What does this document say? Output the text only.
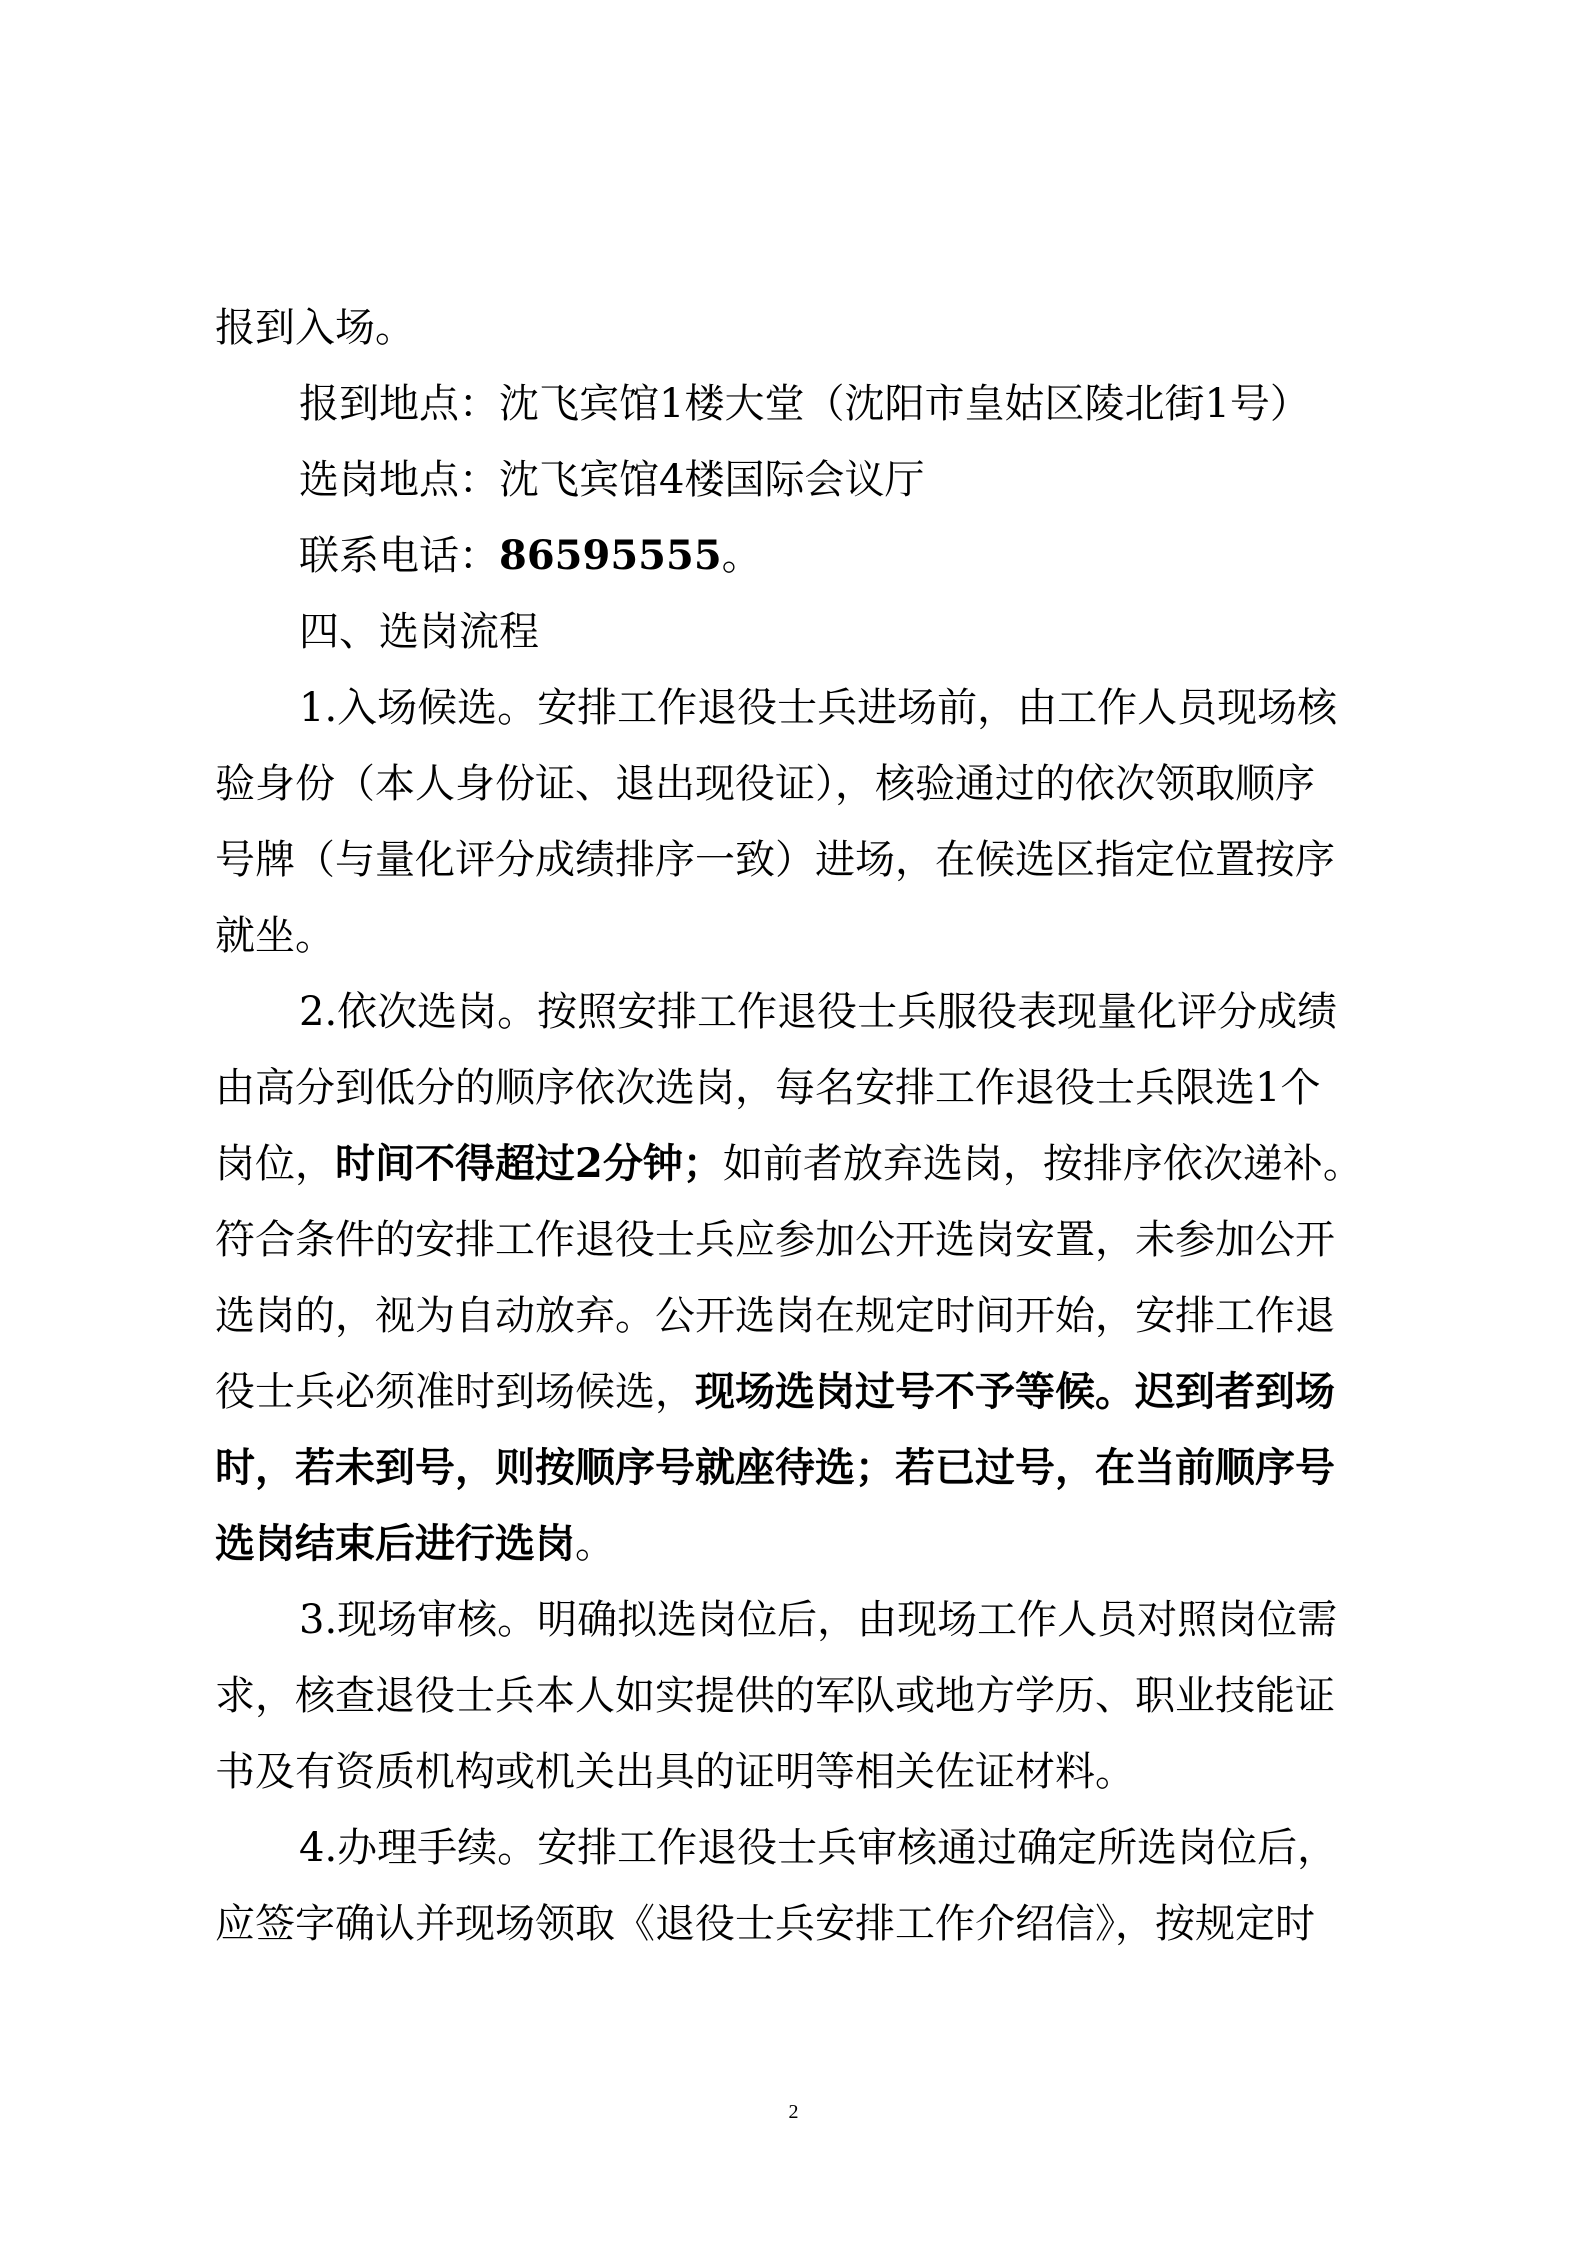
报到入场。
报到地点：沈飞宾馆1楼大堂（沈阳市皇姑区陵北街1号）
选岗地点：沈飞宾馆4楼国际会议厅
联系电话：86595555。
四、选岗流程
1.入场候选。安排工作退役士兵进场前，由工作人员现场核
验身份（本人身份证、退出现役证），核验通过的依次领取顺序
号牌（与量化评分成绩排序一致）进场，在候选区指定位置按序
就坐。
2.依次选岗。按照安排工作退役士兵服役表现量化评分成绩
由高分到低分的顺序依次选岗，每名安排工作退役士兵限选1个
岗位，时间不得超过2分钟；如前者放弃选岗，按排序依次递补。
符合条件的安排工作退役士兵应参加公开选岗安置，未参加公开
选岗的，视为自动放弃。公开选岗在规定时间开始，安排工作退
役士兵必须准时到场候选，现场选岗过号不予等候。迟到者到场
时，若未到号，则按顺序号就座待选；若已过号，在当前顺序号
选岗结束后进行选岗。
3.现场审核。明确拟选岗位后，由现场工作人员对照岗位需
求，核查退役士兵本人如实提供的军队或地方学历、职业技能证
书及有资质机构或机关出具的证明等相关佐证材料。
4.办理手续。安排工作退役士兵审核通过确定所选岗位后，
应签字确认并现场领取《退役士兵安排工作介绍信》，按规定时
2
